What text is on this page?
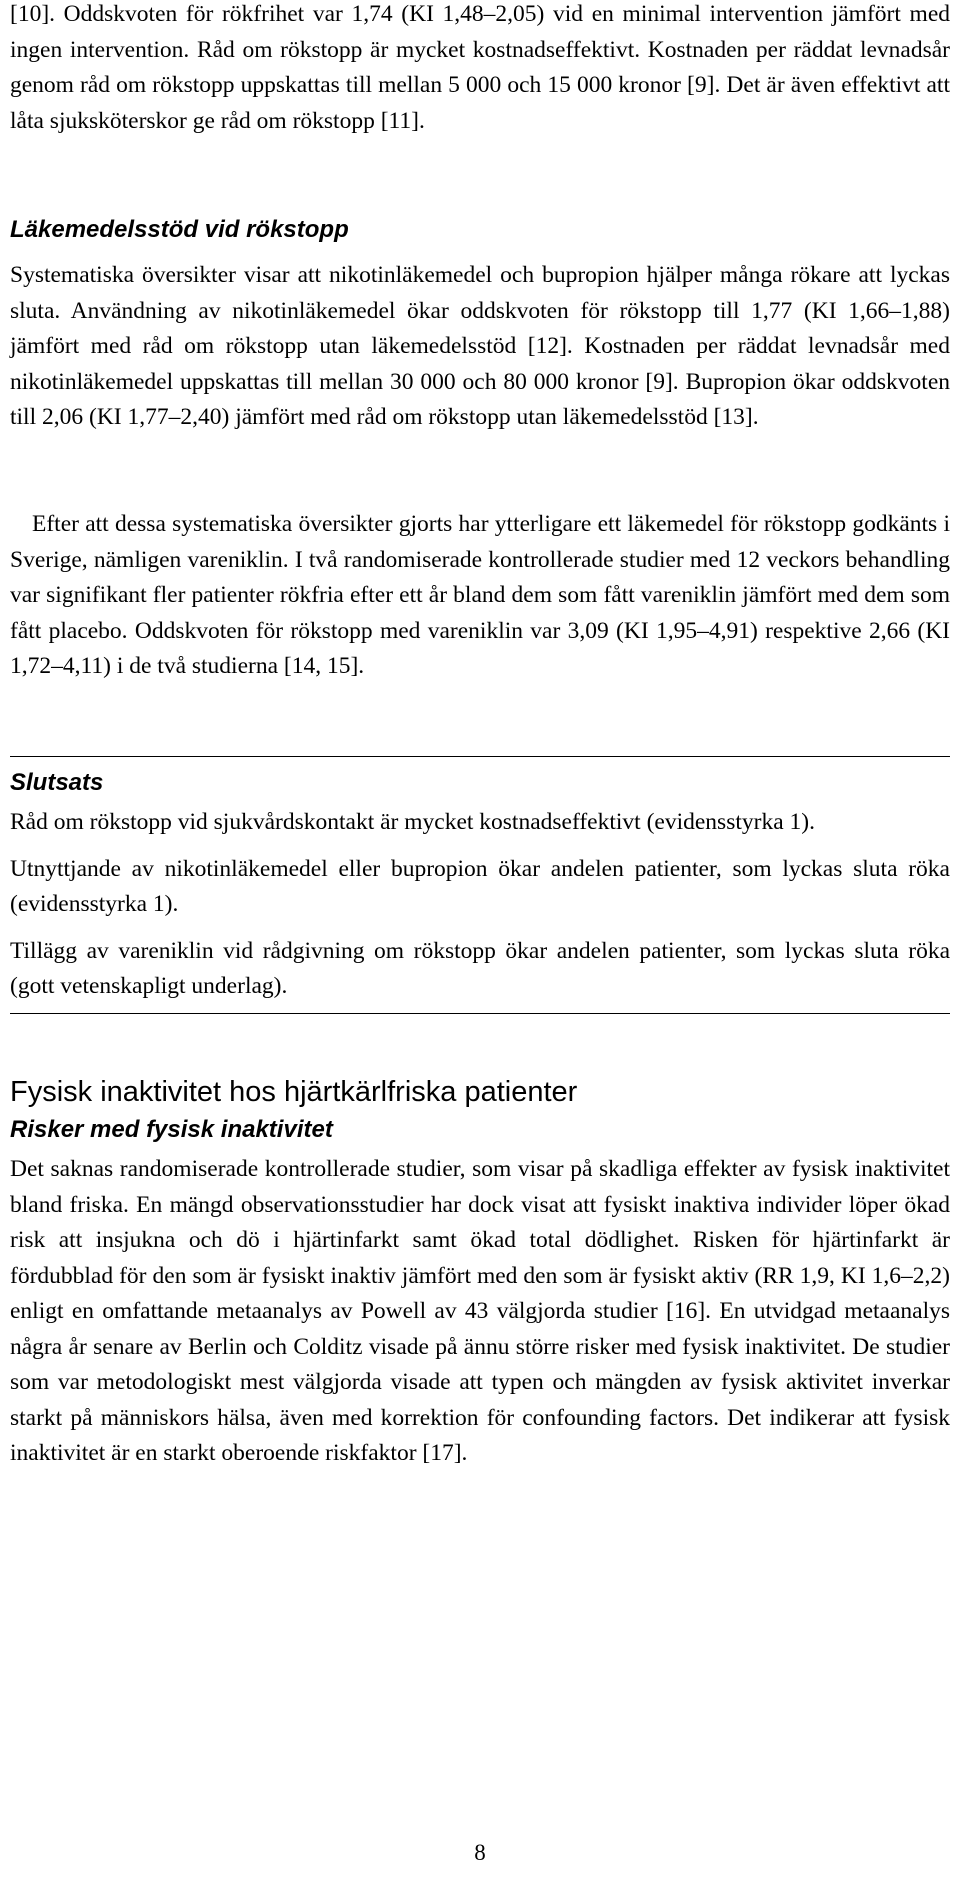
[10]. Oddskvoten för rökfrihet var 1,74 (KI 1,48–2,05) vid en minimal intervention jämfört med ingen intervention. Råd om rökstopp är mycket kostnadseffektivt. Kostnaden per räddat levnadsår genom råd om rökstopp uppskattas till mellan 5 000 och 15 000 kronor [9]. Det är även effektivt att låta sjuksköterskor ge råd om rökstopp [11].

Läkemedelsstöd vid rökstopp

Systematiska översikter visar att nikotinläkemedel och bupropion hjälper många rökare att lyckas sluta. Användning av nikotinläkemedel ökar oddskvoten för rökstopp till 1,77 (KI 1,66–1,88) jämfört med råd om rökstopp utan läkemedelsstöd [12]. Kostnaden per räddat levnadsår med nikotinläkemedel uppskattas till mellan 30 000 och 80 000 kronor [9]. Bupropion ökar oddskvoten till 2,06 (KI 1,77–2,40) jämfört med råd om rökstopp utan läkemedelsstöd [13].

Efter att dessa systematiska översikter gjorts har ytterligare ett läkemedel för rökstopp godkänts i Sverige, nämligen vareniklin. I två randomiserade kontrollerade studier med 12 veckors behandling var signifikant fler patienter rökfria efter ett år bland dem som fått vareniklin jämfört med dem som fått placebo. Oddskvoten för rökstopp med vareniklin var 3,09 (KI 1,95–4,91) respektive 2,66 (KI 1,72–4,11) i de två studierna [14, 15].

Slutsats

Råd om rökstopp vid sjukvårdskontakt är mycket kostnadseffektivt (evidensstyrka 1).

Utnyttjande av nikotinläkemedel eller bupropion ökar andelen patienter, som lyckas sluta röka (evidensstyrka 1).

Tillägg av vareniklin vid rådgivning om rökstopp ökar andelen patienter, som lyckas sluta röka (gott vetenskapligt underlag).

Fysisk inaktivitet hos hjärtkärlfriska patienter
Risker med fysisk inaktivitet

Det saknas randomiserade kontrollerade studier, som visar på skadliga effekter av fysisk inaktivitet bland friska. En mängd observationsstudier har dock visat att fysiskt inaktiva individer löper ökad risk att insjukna och dö i hjärtinfarkt samt ökad total dödlighet. Risken för hjärtinfarkt är fördubblad för den som är fysiskt inaktiv jämfört med den som är fysiskt aktiv (RR 1,9, KI 1,6–2,2) enligt en omfattande metaanalys av Powell av 43 välgjorda studier [16]. En utvidgad metaanalys några år senare av Berlin och Colditz visade på ännu större risker med fysisk inaktivitet. De studier som var metodologiskt mest välgjorda visade att typen och mängden av fysisk aktivitet inverkar starkt på människors hälsa, även med korrektion för confounding factors. Det indikerar att fysisk inaktivitet är en starkt oberoende riskfaktor [17].

8
